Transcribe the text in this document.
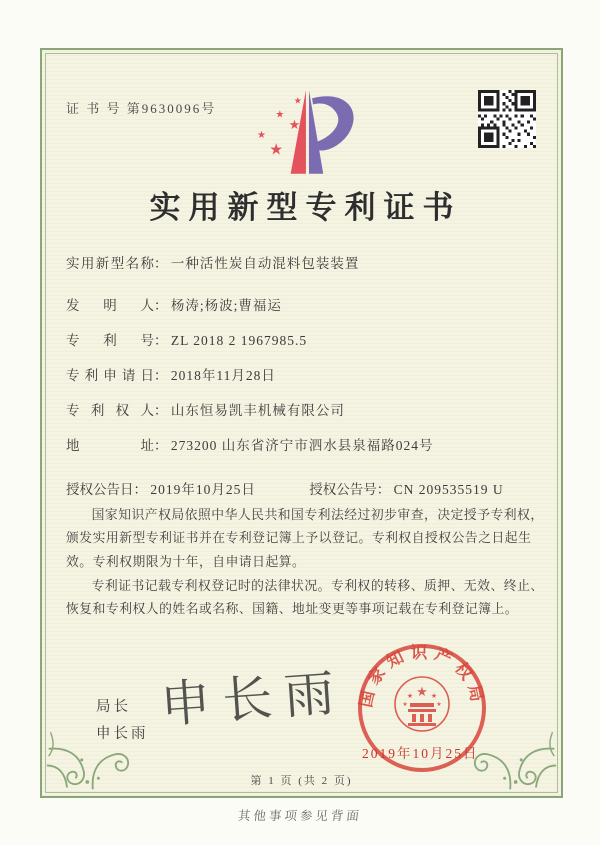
证 书 号 第9630096号
★
★
★
★
★
实用新型专利证书
实用新型名称： 一种活性炭自动混料包装装置
发明人： 杨涛;杨波;曹福运
专利号： ZL 2018 2 1967985.5
专利申请日： 2018年11月28日
专利权人： 山东恒易凯丰机械有限公司
地址： 273200 山东省济宁市泗水县泉福路024号
授权公告日： 2019年10月25日	授权公告号： CN 209535519 U

国家知识产权局依照中华人民共和国专利法经过初步审查，决定授予专利权，颁发实用新型专利证书并在专利登记簿上予以登记。专利权自授权公告之日起生效。专利权期限为十年，自申请日起算。

专利证书记载专利权登记时的法律状况。专利权的转移、质押、无效、终止、恢复和专利权人的姓名或名称、国籍、地址变更等事项记载在专利登记簿上。

局长
申长雨
申长雨 国家知识产权局
★
★	★
★	★
2019年10月25日
第 1 页 (共 2 页)
其他事项参见背面
